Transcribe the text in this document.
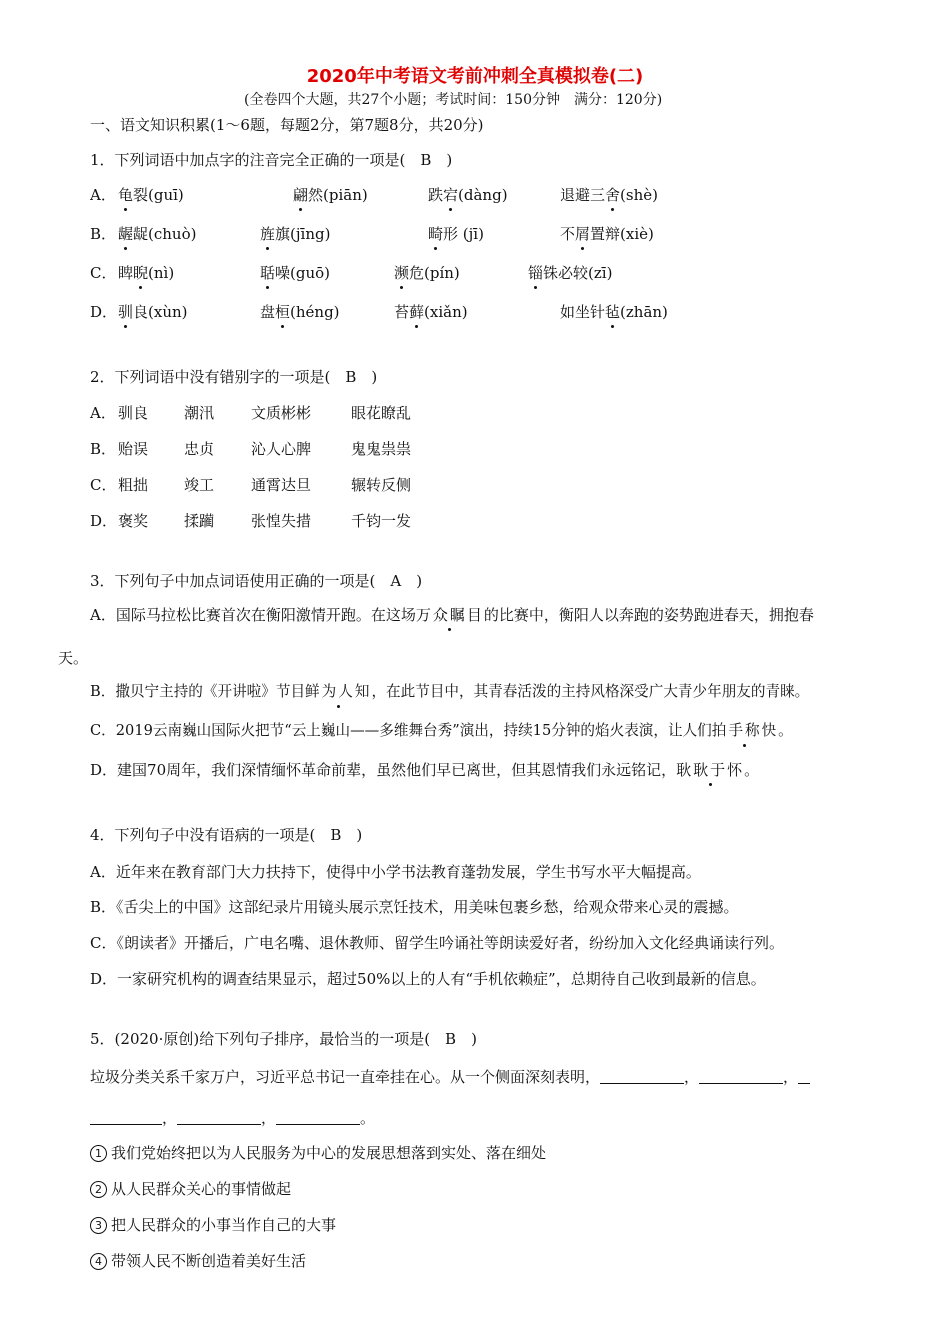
2020年中考语文考前冲刺全真模拟卷(二)
(全卷四个大题，共27个小题；考试时间：150分钟　满分：120分)
一、语文知识积累(1～6题，每题2分，第7题8分，共20分)
1．下列词语中加点字的注音完全正确的一项是(　B　)
A． 龟裂(guī)	翩然(piān)	跌宕(dàng)	退避三舍(shè)
B． 龌龊(chuò)	旌旗(jīng)	畸形 (jī)	不屑置辩(xiè)
C． 睥睨(nì)	聒噪(guō)	濒危(pín)	锱铢必较(zī)
D． 驯良(xùn)	盘桓(héng)	苔藓(xiǎn)	如坐针毡(zhān)
2．下列词语中没有错别字的一项是(　B　)
A． 驯良 潮汛 文质彬彬	眼花瞭乱
B． 贻误 忠贞 沁人心脾	鬼鬼祟祟
C． 粗拙 竣工 通霄达旦	辗转反侧
D． 褒奖 揉躏 张惶失措	千钧一发
3．下列句子中加点词语使用正确的一项是(　A　)
A．国际马拉松比赛首次在衡阳激情开跑。在这场万众瞩目的比赛中，衡阳人以奔跑的姿势跑进春天，拥抱春
天。
B．撒贝宁主持的《开讲啦》节目鲜为人知，在此节目中，其青春活泼的主持风格深受广大青少年朋友的青睐。
C．2019云南巍山国际火把节“云上巍山——多维舞台秀”演出，持续15分钟的焰火表演，让人们拍手称快。
D．建国70周年，我们深情缅怀革命前辈，虽然他们早已离世，但其恩情我们永远铭记，耿耿于怀。
4．下列句子中没有语病的一项是(　B　)
A．近年来在教育部门大力扶持下，使得中小学书法教育蓬勃发展，学生书写水平大幅提高。
B．《舌尖上的中国》这部纪录片用镜头展示烹饪技术，用美味包裹乡愁，给观众带来心灵的震撼。
C．《朗读者》开播后，广电名嘴、退休教师、留学生吟诵社等朗读爱好者，纷纷加入文化经典诵读行列。
D．一家研究机构的调查结果显示，超过50%以上的人有“手机依赖症”，总期待自己收到最新的信息。
5．(2020·原创)给下列句子排序，最恰当的一项是(　B　)
垃圾分类关系千家万户，习近平总书记一直牵挂在心。从一个侧面深刻表明，	，	，
，	，	。
1 我们党始终把以为人民服务为中心的发展思想落到实处、落在细处
2 从人民群众关心的事情做起
3 把人民群众的小事当作自己的大事
4 带领人民不断创造着美好生活
